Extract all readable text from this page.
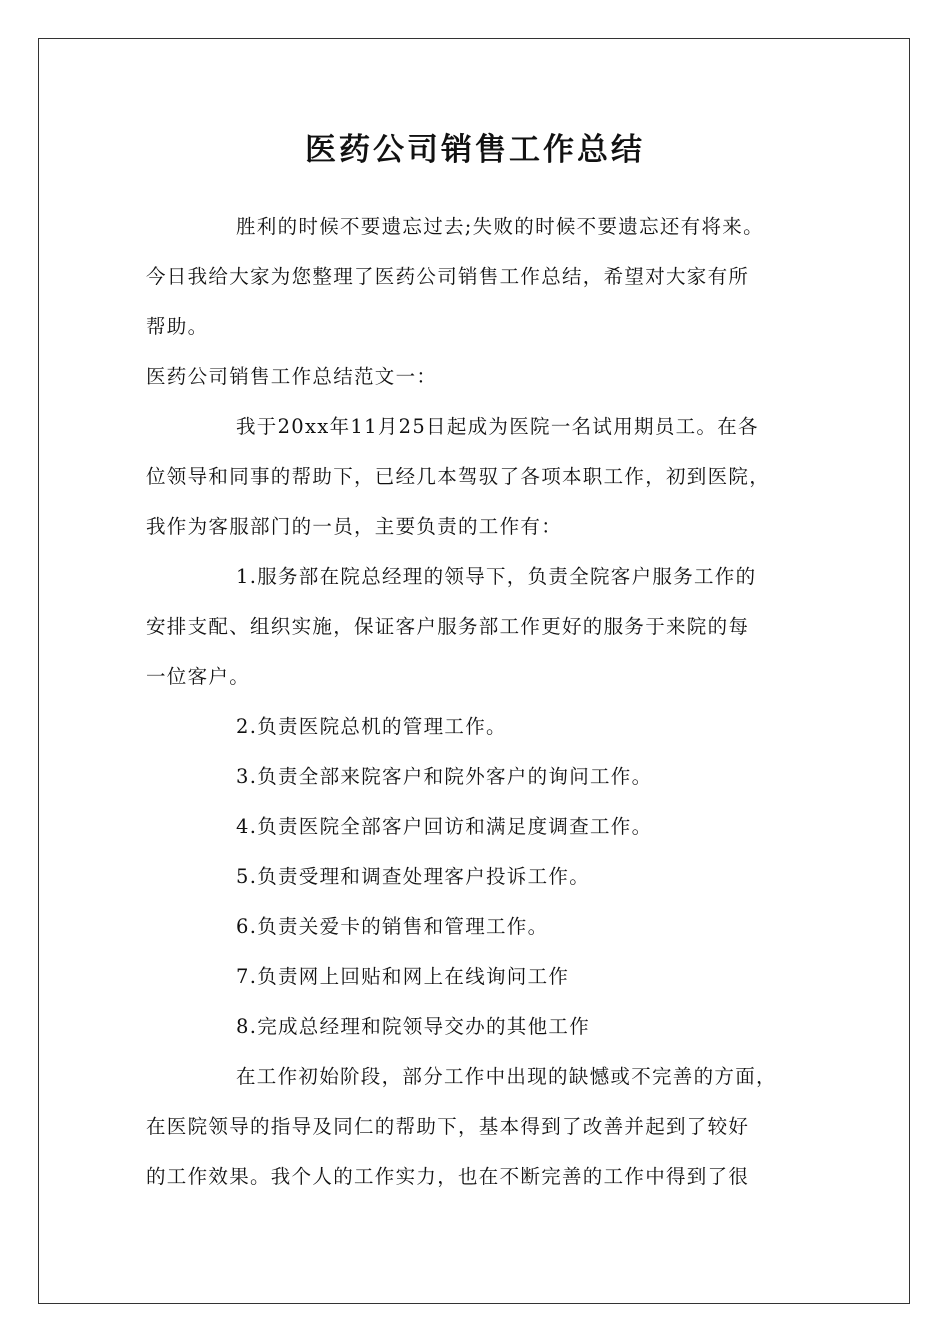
医药公司销售工作总结

胜利的时候不要遗忘过去;失败的时候不要遗忘还有将来。

今日我给大家为您整理了医药公司销售工作总结，希望对大家有所

帮助。

医药公司销售工作总结范文一：

我于20xx年11月25日起成为医院一名试用期员工。在各

位领导和同事的帮助下，已经几本驾驭了各项本职工作，初到医院，

我作为客服部门的一员，主要负责的工作有：

1.服务部在院总经理的领导下，负责全院客户服务工作的

安排支配、组织实施，保证客户服务部工作更好的服务于来院的每

一位客户。

2.负责医院总机的管理工作。

3.负责全部来院客户和院外客户的询问工作。

4.负责医院全部客户回访和满足度调查工作。

5.负责受理和调查处理客户投诉工作。

6.负责关爱卡的销售和管理工作。

7.负责网上回贴和网上在线询问工作

8.完成总经理和院领导交办的其他工作

在工作初始阶段，部分工作中出现的缺憾或不完善的方面，

在医院领导的指导及同仁的帮助下，基本得到了改善并起到了较好

的工作效果。我个人的工作实力，也在不断完善的工作中得到了很
